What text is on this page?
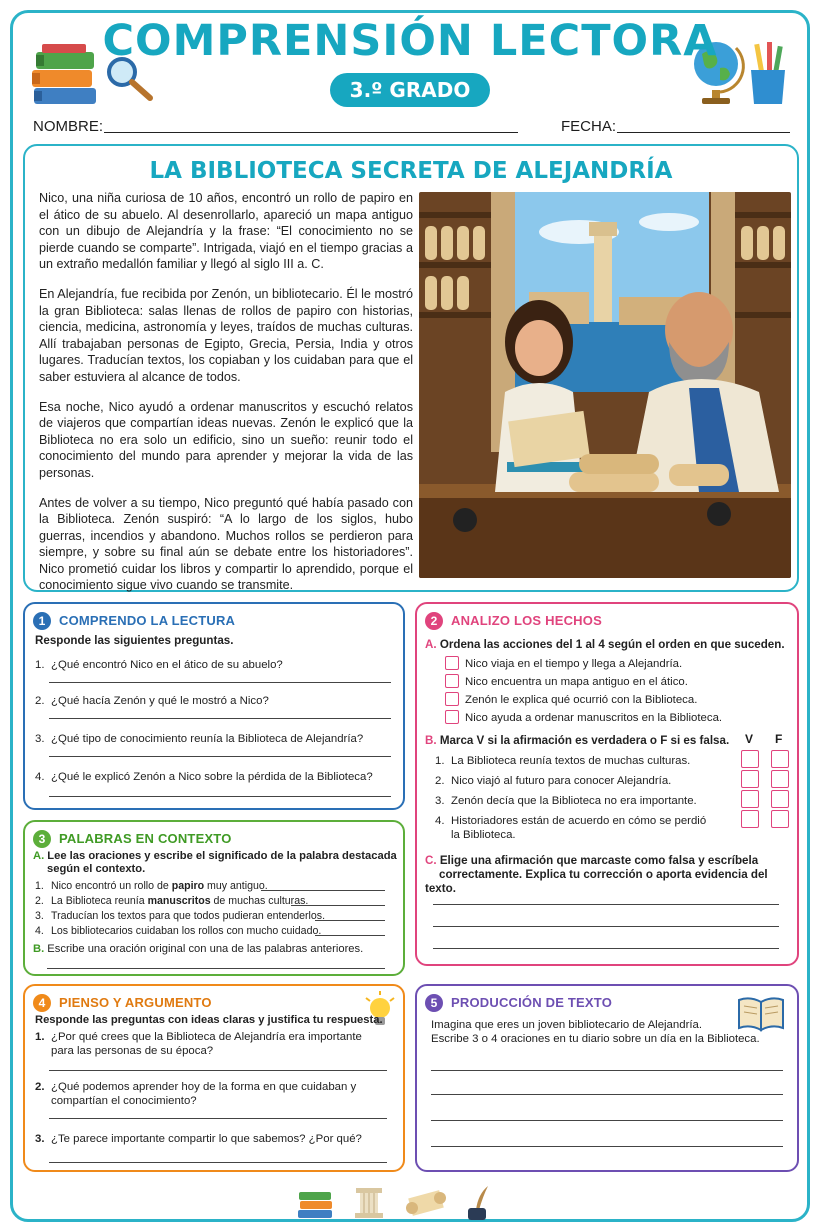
COMPRENSIÓN LECTORA
3.º GRADO
NOMBRE:	FECHA:
LA BIBLIOTECA SECRETA DE ALEJANDRÍA

Nico, una niña curiosa de 10 años, encontró un rollo de papiro en el ático de su abuelo. Al desenrollarlo, apareció un mapa antiguo con un dibujo de Alejandría y la frase: “El conocimiento no se pierde cuando se comparte”. Intrigada, viajó en el tiempo gracias a un extraño medallón familiar y llegó al siglo III a. C.

En Alejandría, fue recibida por Zenón, un bibliotecario. Él le mostró la gran Biblioteca: salas llenas de rollos de papiro con historias, ciencia, medicina, astronomía y leyes, traídos de muchas culturas. Allí trabajaban personas de Egipto, Grecia, Persia, India y otros lugares. Traducían textos, los copiaban y los cuidaban para que el saber estuviera al alcance de todos.

Esa noche, Nico ayudó a ordenar manuscritos y escuchó relatos de viajeros que compartían ideas nuevas. Zenón le explicó que la Biblioteca no era solo un edificio, sino un sueño: reunir todo el conocimiento del mundo para aprender y mejorar la vida de las personas.

Antes de volver a su tiempo, Nico preguntó qué había pasado con la Biblioteca. Zenón suspiró: “A lo largo de los siglos, hubo guerras, incendios y abandono. Muchos rollos se perdieron para siempre, y sobre su final aún se debate entre los historiadores”. Nico prometió cuidar los libros y compartir lo aprendido, porque el conocimiento sigue vivo cuando se transmite.

1	COMPRENDO LA LECTURA
Responde las siguientes preguntas.
1. ¿Qué encontró Nico en el ático de su abuelo?
2. ¿Qué hacía Zenón y qué le mostró a Nico?
3. ¿Qué tipo de conocimiento reunía la Biblioteca de Alejandría?
4. ¿Qué le explicó Zenón a Nico sobre la pérdida de la Biblioteca?
2	ANALIZO LOS HECHOS
A. Ordena las acciones del 1 al 4 según el orden en que suceden.
Nico viaja en el tiempo y llega a Alejandría.
Nico encuentra un mapa antiguo en el ático.
Zenón le explica qué ocurrió con la Biblioteca.
Nico ayuda a ordenar manuscritos en la Biblioteca.
B. Marca V si la afirmación es verdadera o F si es falsa. V F
1. La Biblioteca reunía textos de muchas culturas.
2. Nico viajó al futuro para conocer Alejandría.
3. Zenón decía que la Biblioteca no era importante.
4. Historiadores están de acuerdo en cómo se perdió
la Biblioteca.
C. Elige una afirmación que marcaste como falsa y escríbela
correctamente. Explica tu corrección o aporta evidencia del texto.
3	PALABRAS EN CONTEXTO
A. Lee las oraciones y escribe el significado de la palabra destacada
según el contexto.
1. Nico encontró un rollo de papiro muy antiguo.
2. La Biblioteca reunía manuscritos de muchas culturas.
3. Traducían los textos para que todos pudieran entenderlos.
4. Los bibliotecarios cuidaban los rollos con mucho cuidado.
B. Escribe una oración original con una de las palabras anteriores.
4	PIENSO Y ARGUMENTO
Responde las preguntas con ideas claras y justifica tu respuesta.
1. ¿Por qué crees que la Biblioteca de Alejandría era importante
para las personas de su época?
2. ¿Qué podemos aprender hoy de la forma en que cuidaban y
compartían el conocimiento?
3. ¿Te parece importante compartir lo que sabemos? ¿Por qué?
5	PRODUCCIÓN DE TEXTO
Imagina que eres un joven bibliotecario de Alejandría.
Escribe 3 o 4 oraciones en tu diario sobre un día en la Biblioteca.
